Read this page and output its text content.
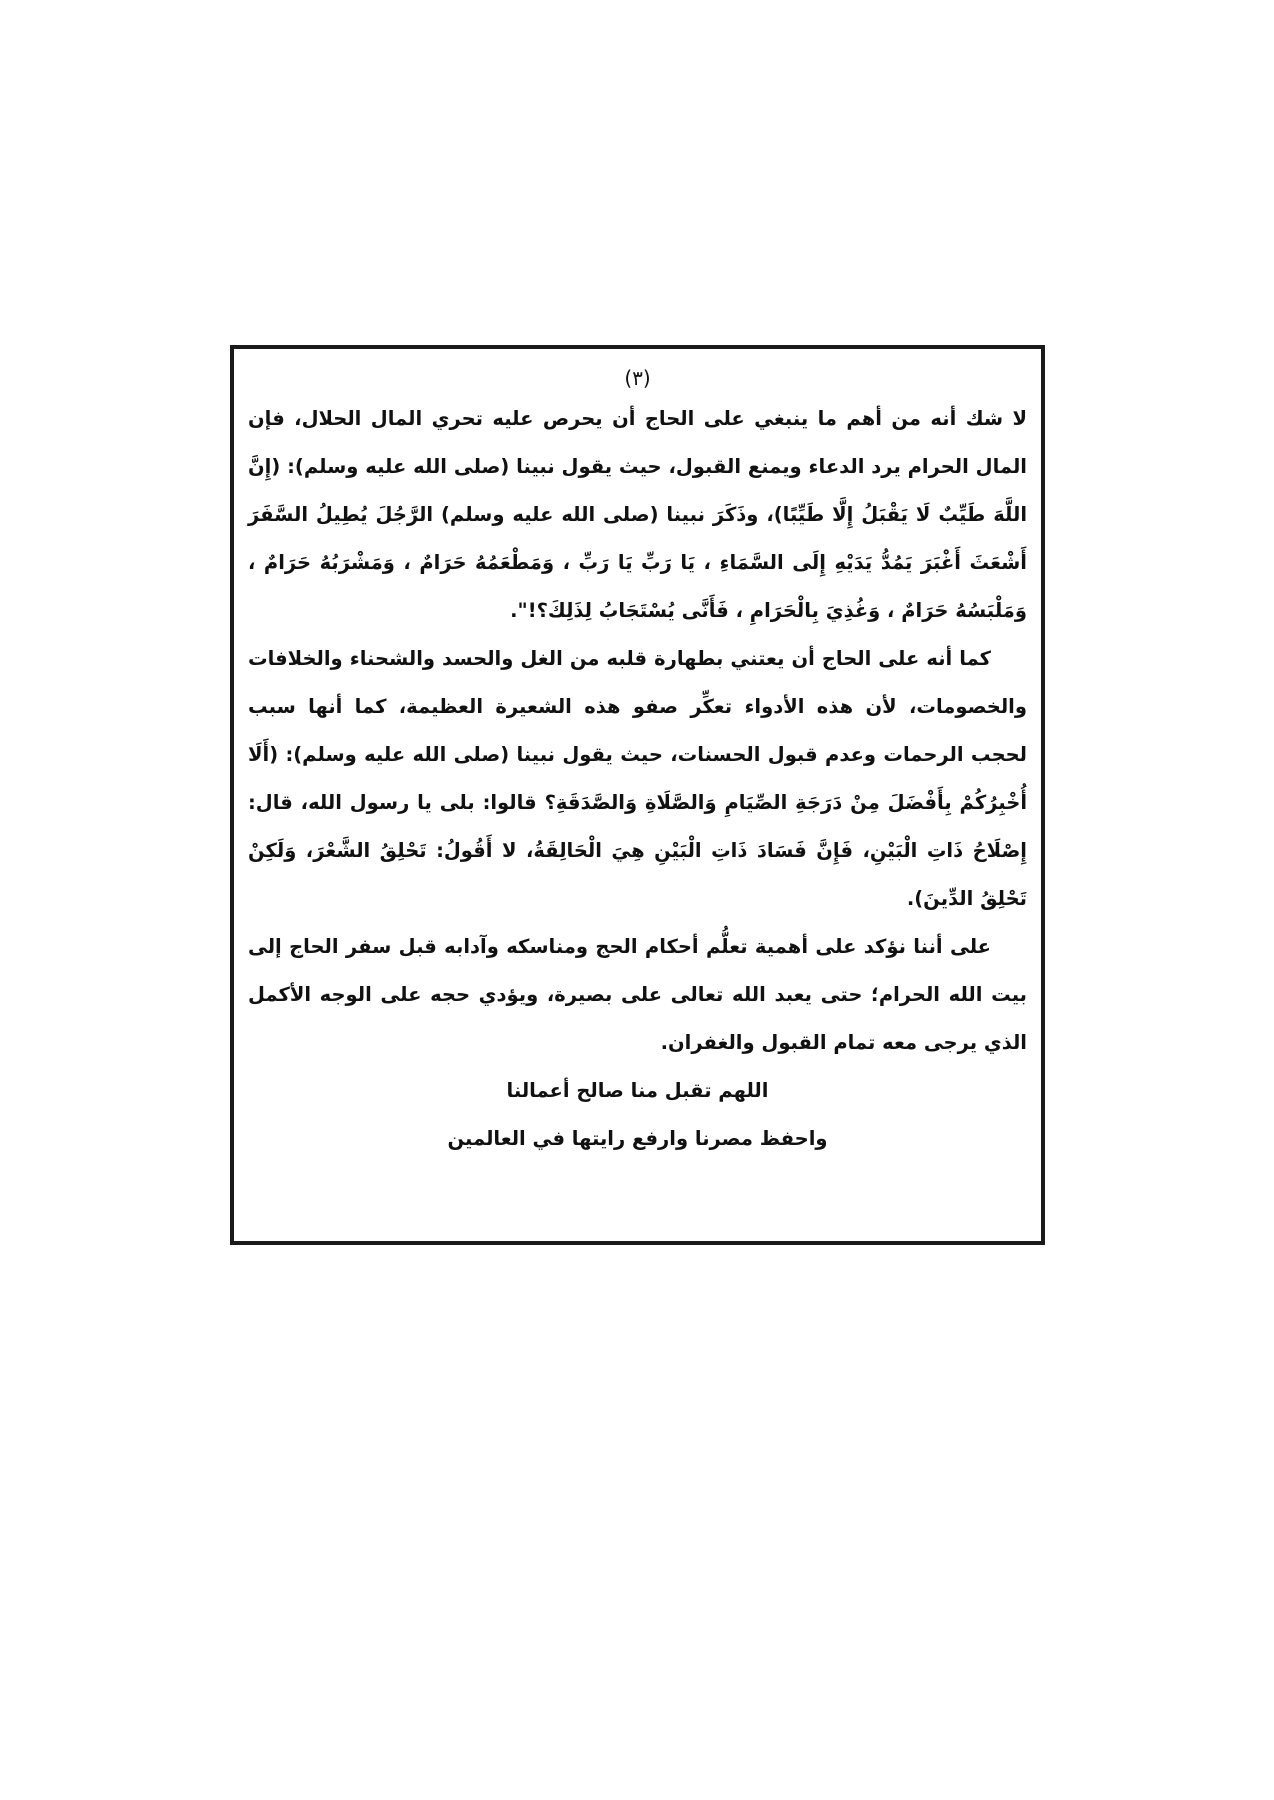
(٣)

لا شك أنه من أهم ما ينبغي على الحاج أن يحرص عليه تحري المال الحلال، فإن المال الحرام يرد الدعاء ويمنع القبول، حيث يقول نبينا (صلى الله عليه وسلم): (إِنَّ اللَّهَ طَيِّبٌ لَا يَقْبَلُ إِلَّا طَيِّبًا)، وذَكَرَ نبينا (صلى الله عليه وسلم) الرَّجُلَ يُطِيلُ السَّفَرَ أَشْعَثَ أَغْبَرَ يَمُدُّ يَدَيْهِ إِلَى السَّمَاءِ ، يَا رَبِّ يَا رَبِّ ، وَمَطْعَمُهُ حَرَامٌ ، وَمَشْرَبُهُ حَرَامٌ ، وَمَلْبَسُهُ حَرَامٌ ، وَغُذِيَ بِالْحَرَامِ ، فَأَنَّى يُسْتَجَابُ لِذَلِكَ؟!".

كما أنه على الحاج أن يعتني بطهارة قلبه من الغل والحسد والشحناء والخلافات والخصومات، لأن هذه الأدواء تعكِّر صفو هذه الشعيرة العظيمة، كما أنها سبب لحجب الرحمات وعدم قبول الحسنات، حيث يقول نبينا (صلى الله عليه وسلم): (أَلَا أُخْبِرُكُمْ بِأَفْضَلَ مِنْ دَرَجَةِ الصِّيَامِ وَالصَّلَاةِ وَالصَّدَقَةِ؟ قالوا: بلى يا رسول الله، قال: إِصْلَاحُ ذَاتِ الْبَيْنِ، فَإِنَّ فَسَادَ ذَاتِ الْبَيْنِ هِيَ الْحَالِقَةُ، لا أَقُولُ: تَحْلِقُ الشَّعْرَ، وَلَكِنْ تَحْلِقُ الدِّينَ).

على أننا نؤكد على أهمية تعلُّم أحكام الحج ومناسكه وآدابه قبل سفر الحاج إلى بيت الله الحرام؛ حتى يعبد الله تعالى على بصيرة، ويؤدي حجه على الوجه الأكمل الذي يرجى معه تمام القبول والغفران.

اللهم تقبل منا صالح أعمالنا

واحفظ مصرنا وارفع رايتها في العالمين
